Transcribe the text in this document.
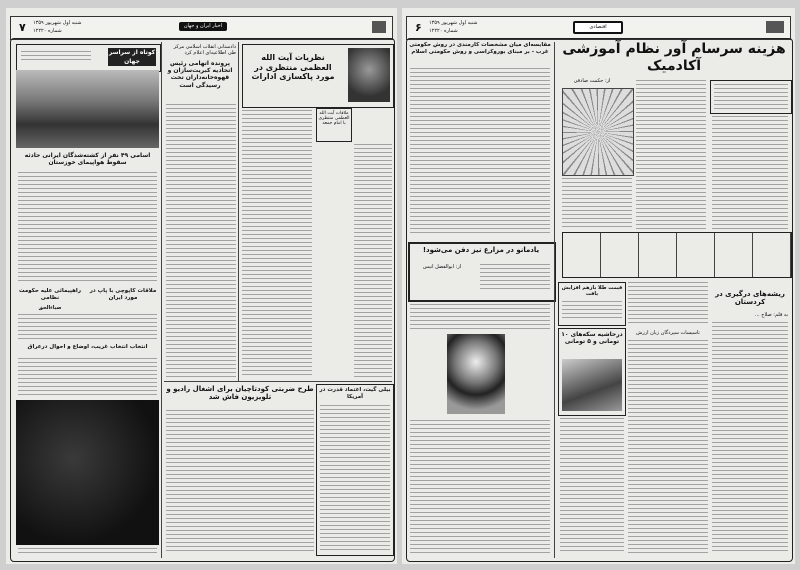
۷ شنبه اول شهریور ۱۳۵۹
شماره ۱۲۲۲۰
اخبار ایران و جهان
کوتاه از سراسر جهان
اسامی ۴۹ نفر از کشته‌شدگان ایرانی حادثه سقوط هواپیمای خوزستان
ملاقات کاپوچی با پاپ در مورد ایران
راهپیمائی علیه حکومت نظامی
ضیاءالحق
انتخاب انتخاب غریب، اوضاع و احوال درعراق
دادستانی انقلاب اسلامی مرکز طی اطلاعیه‌ای اعلام کرد
پرونده اتهامی رئیس اتحادیه کبریت‌سازان و قهوه‌خانه‌داران تحت رسیدگی است
نظریات آیت الله العظمی منتظری در مورد پاکسازی ادارات
ملاقات آیت الله العظمی منتظری با امام جمعه
طرح ضربتی کودتاچیان برای اشغال رادیو و تلویزیون فاش شد
بیلی گیت، اعتماد قدرت در آمریکا
۶ شنبه اول شهریور ۱۳۵۹
شماره ۱۲۲۲۰
اقتصادی
مقایسه‌ای میان مشخصات کارمندی در روش حکومتی غرب - بر مبنای بوروکراسی و روش حکومتی اسلام
یادمانو در مزارع نیز دفن می‌شود!
از: ابوالفضل انیس
هزینه سرسام آور نظام آموزشی آکادمیک
از: حکمت صادقی
قیمت طلا بازهم افزایش یافت
درحاشیه سکه‌های ۱۰ تومانی و ۵ تومانی
تاسیسات سپردگان زبان ارزش
ریشه‌های درگیری در کردستان
به قلم: صلاح ...
